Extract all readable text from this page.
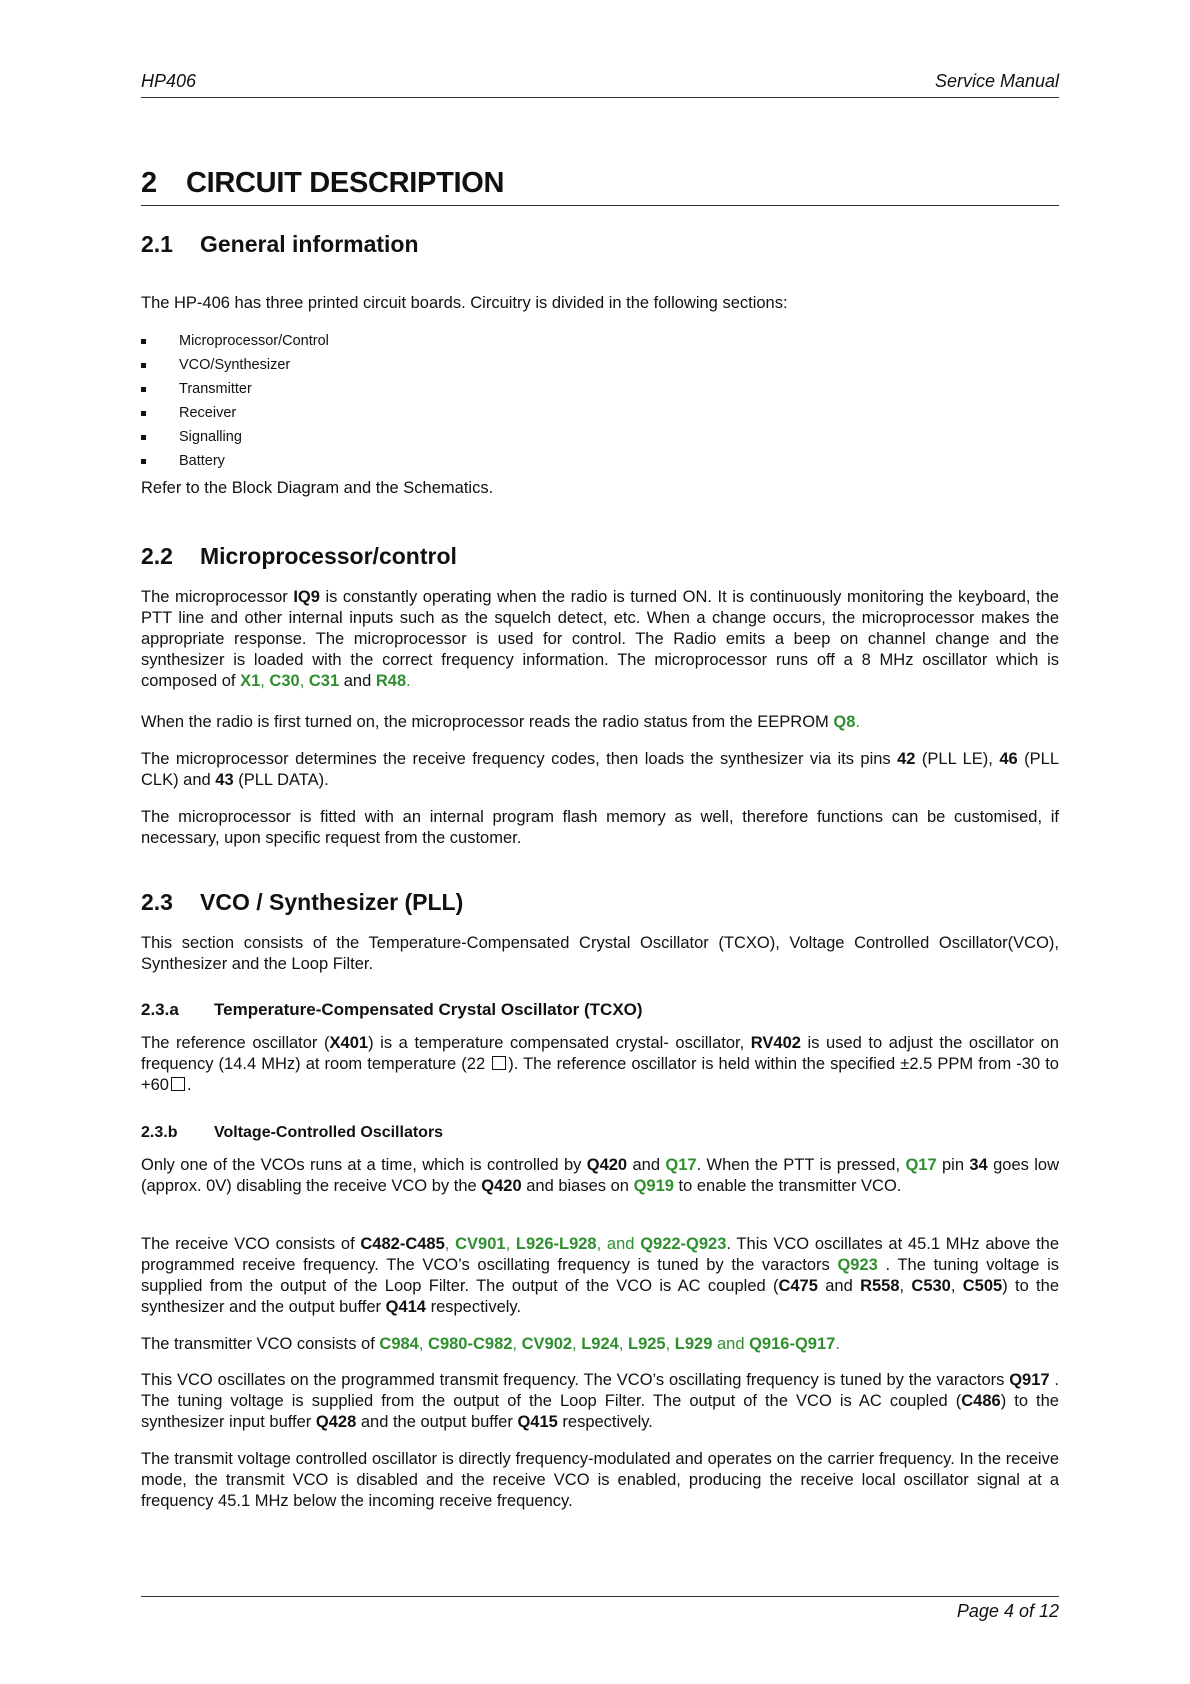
HP406	Service Manual
2 CIRCUIT DESCRIPTION
2.1 General information
The HP-406 has three printed circuit boards. Circuitry is divided in the following sections:
Microprocessor/Control
VCO/Synthesizer
Transmitter
Receiver
Signalling
Battery
Refer to the Block Diagram and the Schematics.
2.2 Microprocessor/control
The microprocessor IQ9 is constantly operating when the radio is turned ON. It is continuously monitoring the keyboard, the PTT line and other internal inputs such as the squelch detect, etc. When a change occurs, the microprocessor makes the appropriate response. The microprocessor is used for control. The Radio emits a beep on channel change and the synthesizer is loaded with the correct frequency information. The microprocessor runs off a 8 MHz oscillator which is composed of X1, C30, C31 and R48.
When the radio is first turned on, the microprocessor reads the radio status from the EEPROM Q8.
The microprocessor determines the receive frequency codes, then loads the synthesizer via its pins 42 (PLL LE), 46 (PLL CLK) and 43 (PLL DATA).
The microprocessor is fitted with an internal program flash memory as well, therefore functions can be customised, if necessary, upon specific request from the customer.
2.3 VCO / Synthesizer (PLL)
This section consists of the Temperature-Compensated Crystal Oscillator (TCXO), Voltage Controlled Oscillator(VCO), Synthesizer and the Loop Filter.
2.3.a Temperature-Compensated Crystal Oscillator (TCXO)
The reference oscillator (X401) is a temperature compensated crystal- oscillator, RV402 is used to adjust the oscillator on frequency (14.4 MHz) at room temperature (22 ). The reference oscillator is held within the specified ±2.5 PPM from -30 to +60 .
2.3.b Voltage-Controlled Oscillators
Only one of the VCOs runs at a time, which is controlled by Q420 and Q17. When the PTT is pressed, Q17 pin 34 goes low (approx. 0V) disabling the receive VCO by the Q420 and biases on Q919 to enable the transmitter VCO.
The receive VCO consists of C482-C485, CV901, L926-L928, and Q922-Q923. This VCO oscillates at 45.1 MHz above the programmed receive frequency. The VCO’s oscillating frequency is tuned by the varactors Q923 . The tuning voltage is supplied from the output of the Loop Filter. The output of the VCO is AC coupled (C475 and R558, C530, C505) to the synthesizer and the output buffer Q414 respectively.
The transmitter VCO consists of C984, C980-C982, CV902, L924, L925, L929 and Q916-Q917.
This VCO oscillates on the programmed transmit frequency. The VCO’s oscillating frequency is tuned by the varactors Q917 . The tuning voltage is supplied from the output of the Loop Filter. The output of the VCO is AC coupled (C486) to the synthesizer input buffer Q428 and the output buffer Q415 respectively.
The transmit voltage controlled oscillator is directly frequency-modulated and operates on the carrier frequency. In the receive mode, the transmit VCO is disabled and the receive VCO is enabled, producing the receive local oscillator signal at a frequency 45.1 MHz below the incoming receive frequency.
Page 4 of 12
